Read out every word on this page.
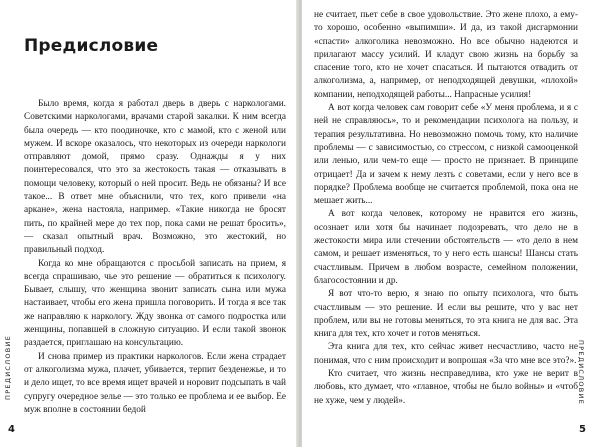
Предисловие

Было время, когда я работал дверь в дверь с наркологами. Советскими наркологами, врачами старой закалки. К ним всегда была очередь — кто поодиночке, кто с мамой, кто с женой или мужем. И вскоре оказалось, что некоторых из очереди наркологи отправляют домой, прямо сразу. Однажды я у них поинтересовался, что это за жестокость такая — отказывать в помощи человеку, который о ней просит. Ведь не обязаны? И все такое... В ответ мне объяснили, что тех, кого привели «на аркане», жена настояла, например. «Такие никогда не бросят пить, по крайней мере до тех пор, пока сами не решат бросить», — сказал опытный врач. Возможно, это жестокий, но правильный подход.

Когда ко мне обращаются с просьбой записать на прием, я всегда спрашиваю, чье это решение — обратиться к психологу. Бывает, слышу, что женщина звонит записать сына или мужа настаивает, чтобы его жена пришла поговорить. И тогда я все так же направляю к наркологу. Жду звонка от самого подростка или женщины, попавшей в сложную ситуацию. И если такой звонок раздается, приглашаю на консультацию.

И снова пример из практики наркологов. Если жена страдает от алкоголизма мужа, плачет, убивается, терпит безденежье, и то и дело ищет, то все время ищет врачей и норовит подсыпать в чай супругу очередное зелье — это только ее проблема и ее выбор. Ее муж вполне в состоянии бедой

ПРЕДИСЛОВИЕ
4

не считает, пьет себе в свое удовольствие. Это жене плохо, а ему-то хорошо, особенно «выпимши». И да, из такой дисгармонии «спасти» алкоголика невозможно. Но все обычно надеются и прилагают массу усилий. И кладут свою жизнь на борьбу за спасение того, кто не хочет спасаться. И пытаются отвадить от алкоголизма, а, например, от неподходящей девушки, «плохой» компании, неподходящей работы... Напрасные усилия!

А вот когда человек сам говорит себе «У меня проблема, и я с ней не справляюсь», то и рекомендации психолога на пользу, и терапия результативна. Но невозможно помочь тому, кто наличие проблемы — с зависимостью, со стрессом, с низкой самооценкой или ленью, или чем-то еще — просто не признает. В принципе отрицает! Да и зачем к нему лезть с советами, если у него все в порядке? Проблема вообще не считается проблемой, пока она не мешает жить...

А вот когда человек, которому не нравится его жизнь, осознает или хотя бы начинает подозревать, что дело не в жестокости мира или стечении обстоятельств — «то дело в нем самом, и решает изменяться, то у него есть шансы! Шансы стать счастливым. Причем в любом возрасте, семейном положении, благосостоянии и др.

Я вот что-то верю, я знаю по опыту психолога, что быть счастливым — это решение. И если вы решите, что у вас нет проблем, или вы не готовы меняться, то эта книга не для вас. Эта книга для тех, кто хочет и готов меняться.

Эта книга для тех, кто сейчас живет несчастливо, часто не понимая, что с ним происходит и вопрошая «За что мне все это?».

Кто считает, что жизнь несправедлива, кто уже не верит в любовь, кто думает, что «главное, чтобы не было войны» и «чтоб не хуже, чем у людей».	ПРЕДИСЛОВИЕ
5
